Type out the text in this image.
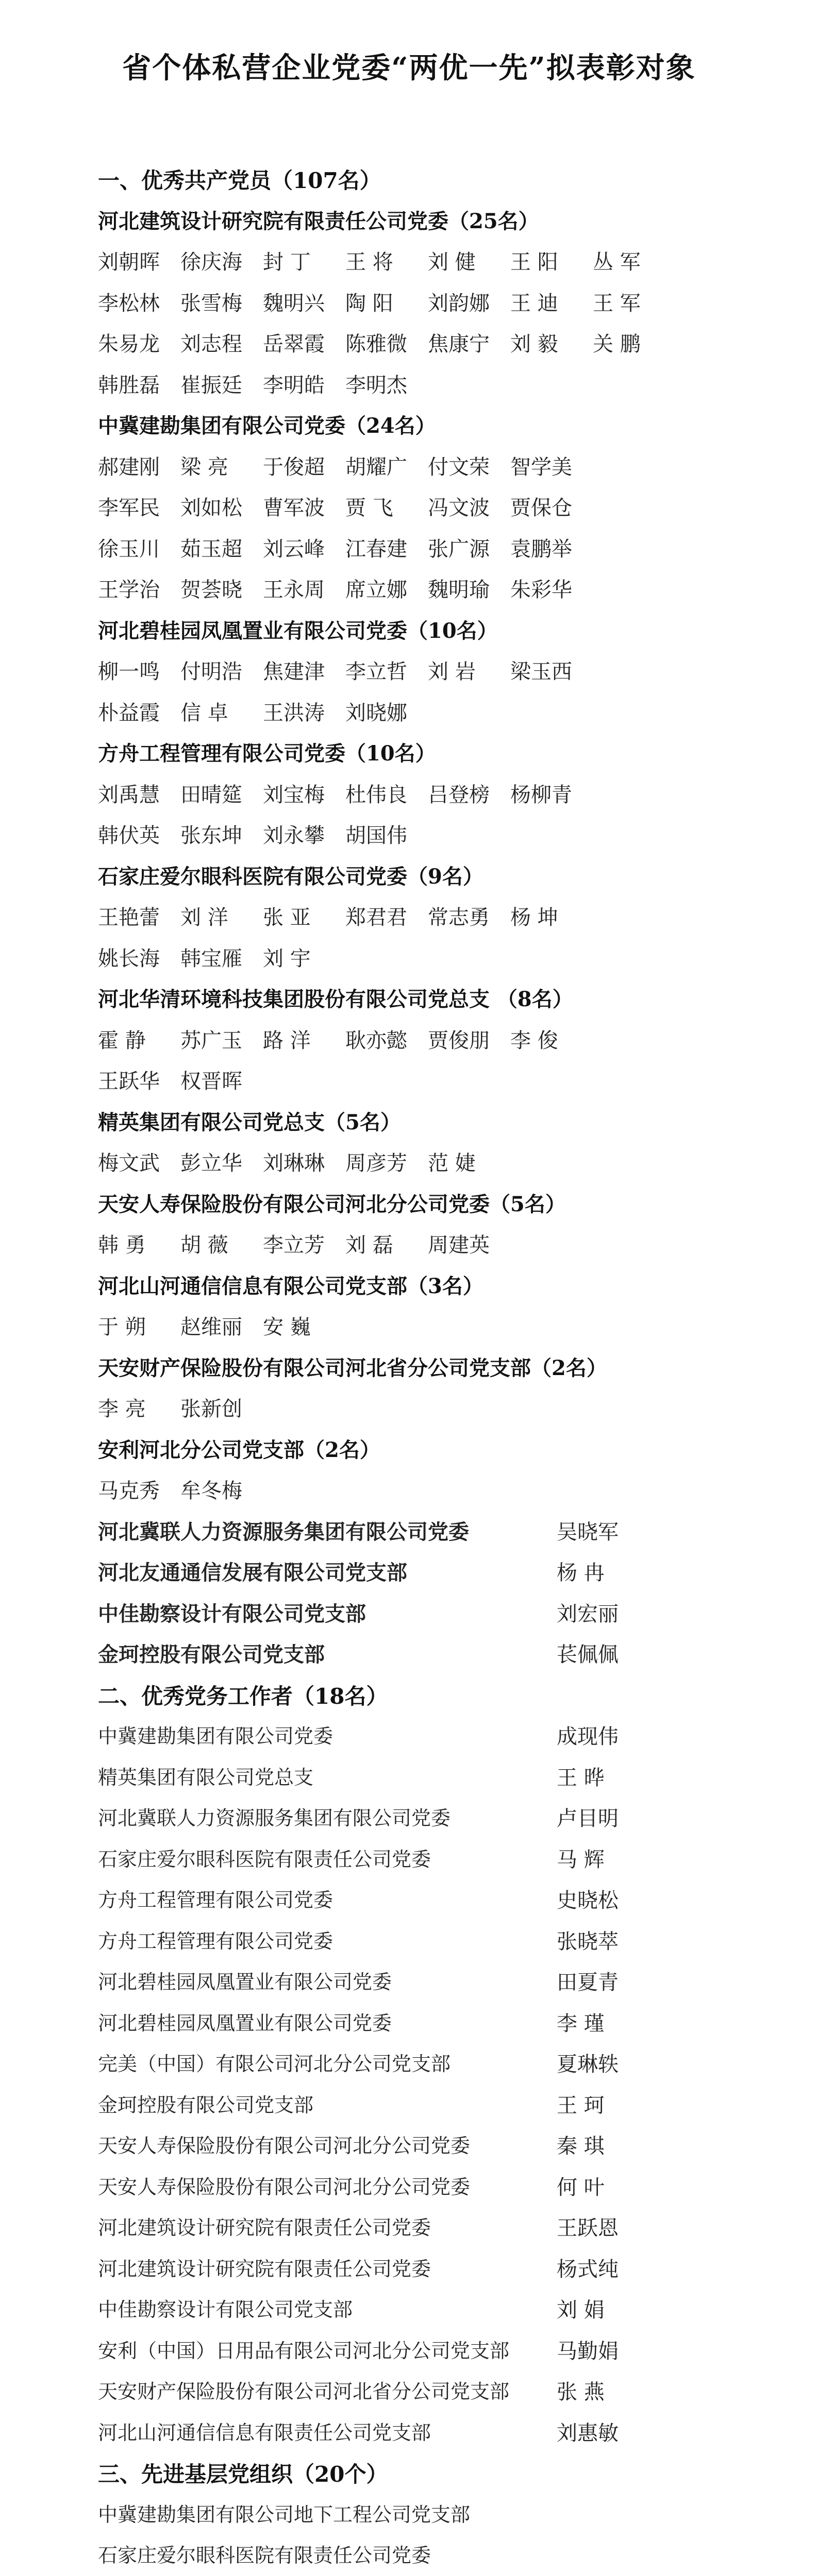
省个体私营企业党委“两优一先”拟表彰对象
一、优秀共产党员（107名）
河北建筑设计研究院有限责任公司党委（25名）
刘朝晖 徐庆海 封 丁 王 将 刘 健 王 阳 丛 军
李松林 张雪梅 魏明兴 陶 阳 刘韵娜 王 迪 王 军
朱易龙 刘志程 岳翠霞 陈雅微 焦康宁 刘 毅 关 鹏
韩胜磊 崔振廷 李明皓 李明杰
中冀建勘集团有限公司党委（24名）
郝建刚 梁 亮 于俊超 胡耀广 付文荣 智学美
李军民 刘如松 曹军波 贾 飞 冯文波 贾保仓
徐玉川 茹玉超 刘云峰 江春建 张广源 袁鹏举
王学治 贺荟晓 王永周 席立娜 魏明瑜 朱彩华
河北碧桂园凤凰置业有限公司党委（10名）
柳一鸣 付明浩 焦建津 李立哲 刘 岩 梁玉西
朴益霞 信 卓 王洪涛 刘晓娜
方舟工程管理有限公司党委（10名）
刘禹慧 田晴筵 刘宝梅 杜伟良 吕登榜 杨柳青
韩伏英 张东坤 刘永攀 胡国伟
石家庄爱尔眼科医院有限公司党委（9名）
王艳蕾 刘 洋 张 亚 郑君君 常志勇 杨 坤
姚长海 韩宝雁 刘 宇
河北华清环境科技集团股份有限公司党总支 （8名）
霍 静 苏广玉 路 洋 耿亦懿 贾俊朋 李 俊
王跃华 权晋晖
精英集团有限公司党总支（5名）
梅文武 彭立华 刘琳琳 周彦芳 范 婕
天安人寿保险股份有限公司河北分公司党委（5名）
韩 勇 胡 薇 李立芳 刘 磊 周建英
河北山河通信信息有限公司党支部（3名）
于 朔 赵维丽 安 巍
天安财产保险股份有限公司河北省分公司党支部（2名）
李 亮 张新创
安利河北分公司党支部（2名）
马克秀 牟冬梅
河北冀联人力资源服务集团有限公司党委	吴晓军
河北友通通信发展有限公司党支部	杨 冉
中佳勘察设计有限公司党支部	刘宏丽
金珂控股有限公司党支部	苌佩佩
二、优秀党务工作者（18名）
中冀建勘集团有限公司党委	成现伟
精英集团有限公司党总支	王 晔
河北冀联人力资源服务集团有限公司党委	卢目明
石家庄爱尔眼科医院有限责任公司党委	马 辉
方舟工程管理有限公司党委	史晓松
方舟工程管理有限公司党委	张晓萃
河北碧桂园凤凰置业有限公司党委	田夏青
河北碧桂园凤凰置业有限公司党委	李 瑾
完美（中国）有限公司河北分公司党支部	夏琳轶
金珂控股有限公司党支部	王 珂
天安人寿保险股份有限公司河北分公司党委	秦 琪
天安人寿保险股份有限公司河北分公司党委	何 叶
河北建筑设计研究院有限责任公司党委	王跃恩
河北建筑设计研究院有限责任公司党委	杨式纯
中佳勘察设计有限公司党支部	刘 娟
安利（中国）日用品有限公司河北分公司党支部 马勤娟
天安财产保险股份有限公司河北省分公司党支部 张 燕
河北山河通信信息有限责任公司党支部	刘惠敏
三、先进基层党组织（20个）
中冀建勘集团有限公司地下工程公司党支部
石家庄爱尔眼科医院有限责任公司党委
